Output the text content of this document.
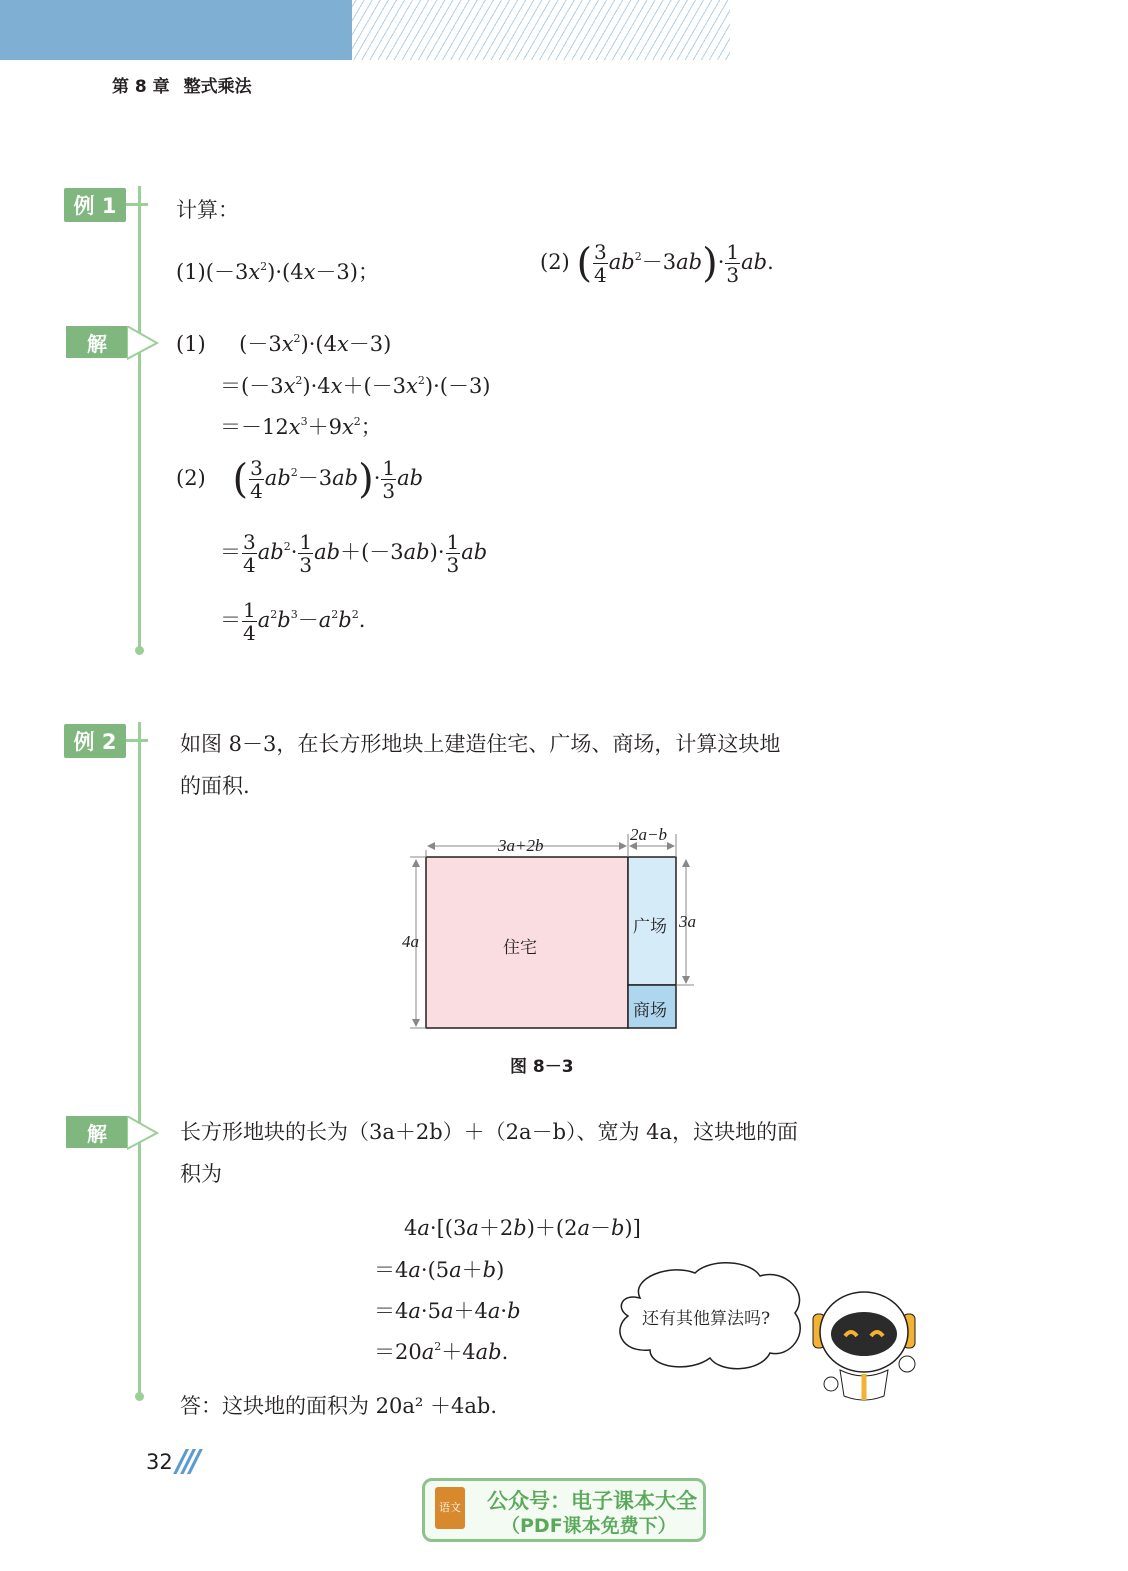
第 8 章 整式乘法
例 1	计算：
$(1)(-3x^2)\cdot(4x-3)$；	(2) ( $\frac{3}{4} ab^2-3ab)\cdot \frac{1}{3}$ ab.
解	(1)     $(-3x^2)\cdot(4x-3)$
$=(-3x^2)\cdot 4x+(-3x^2)\cdot(-3)$
$=-12x^3+9x^2$；
(2)    ( $\frac{3}{4} ab^2-3ab)\cdot \frac{1}{3}$ ab
＝ $\frac{3}{4} ab^2\cdot \frac{1}{3} ab+(-3ab)\cdot \frac{1}{3}$ ab
＝ $\frac{1}{4} a^2b^3-a^2b^2$.
例 2	如图 8－3，在长方形地块上建造住宅、广场、商场，计算这块地
的面积.
3a+2b
2a−b
4a
3a
住宅
广场
商场
图 8－3
解	长方形地块的长为（3a＋2b）＋（2a－b）、宽为 4a，这块地的面
积为
4a·[(3a＋2b)＋(2a－b)]
＝4a·(5a＋b)
＝4a·5a＋4a·b
$=20a^2+4ab$.
答：这块地的面积为 20a² ＋4ab.
还有其他算法吗?
32 ///
语文 公众号：电子课本大全
（PDF课本免费下）
